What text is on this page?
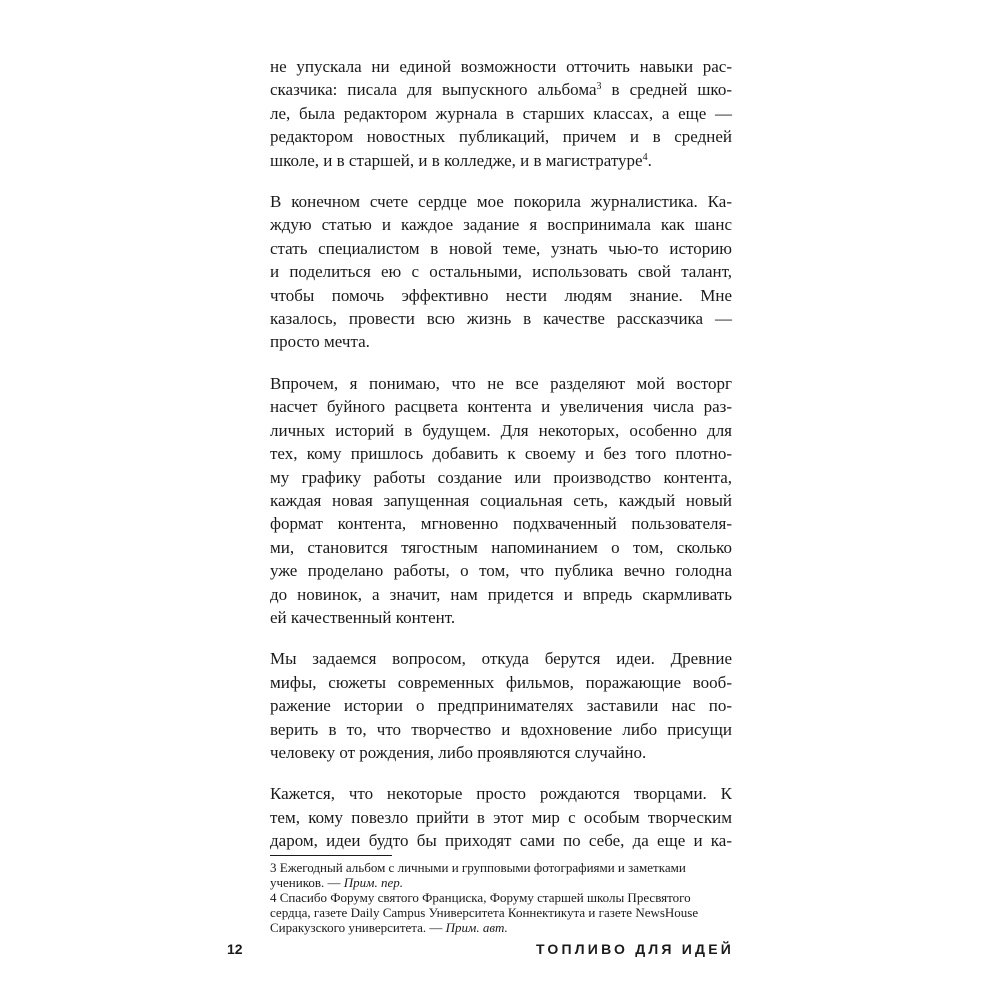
не упускала ни единой возможности отточить навыки рас-
сказчика: писала для выпускного альбома$^3$ в средней шко-
ле, была редактором журнала в старших классах, а еще —
редактором новостных публикаций, причем и в средней
школе, и в старшей, и в колледже, и в магистратуре$^4$.

В конечном счете сердце мое покорила журналистика. Ка-
ждую статью и каждое задание я воспринимала как шанс
стать специалистом в новой теме, узнать чью-то историю
и поделиться ею с остальными, использовать свой талант,
чтобы помочь эффективно нести людям знание. Мне
казалось, провести всю жизнь в качестве рассказчика —
просто мечта.

Впрочем, я понимаю, что не все разделяют мой восторг
насчет буйного расцвета контента и увеличения числа раз-
личных историй в будущем. Для некоторых, особенно для
тех, кому пришлось добавить к своему и без того плотно-
му графику работы создание или производство контента,
каждая новая запущенная социальная сеть, каждый новый
формат контента, мгновенно подхваченный пользователя-
ми, становится тягостным напоминанием о том, сколько
уже проделано работы, о том, что публика вечно голодна
до новинок, а значит, нам придется и впредь скармливать
ей качественный контент.

Мы задаемся вопросом, откуда берутся идеи. Древние
мифы, сюжеты современных фильмов, поражающие вооб-
ражение истории о предпринимателях заставили нас по-
верить в то, что творчество и вдохновение либо присущи
человеку от рождения, либо проявляются случайно.

Кажется, что некоторые просто рождаются творцами. К
тем, кому повезло прийти в этот мир с особым творческим
даром, идеи будто бы приходят сами по себе, да еще и ка-

3 Ежегодный альбом с личными и групповыми фотографиями и заметками учеников. — Прим. пер.

4 Спасибо Форуму святого Франциска, Форуму старшей школы Пресвятого сердца, газете Daily Campus Университета Коннектикута и газете NewsHouse Сиракузского университета. — Прим. авт.

12	ТОПЛИВО ДЛЯ ИДЕЙ
